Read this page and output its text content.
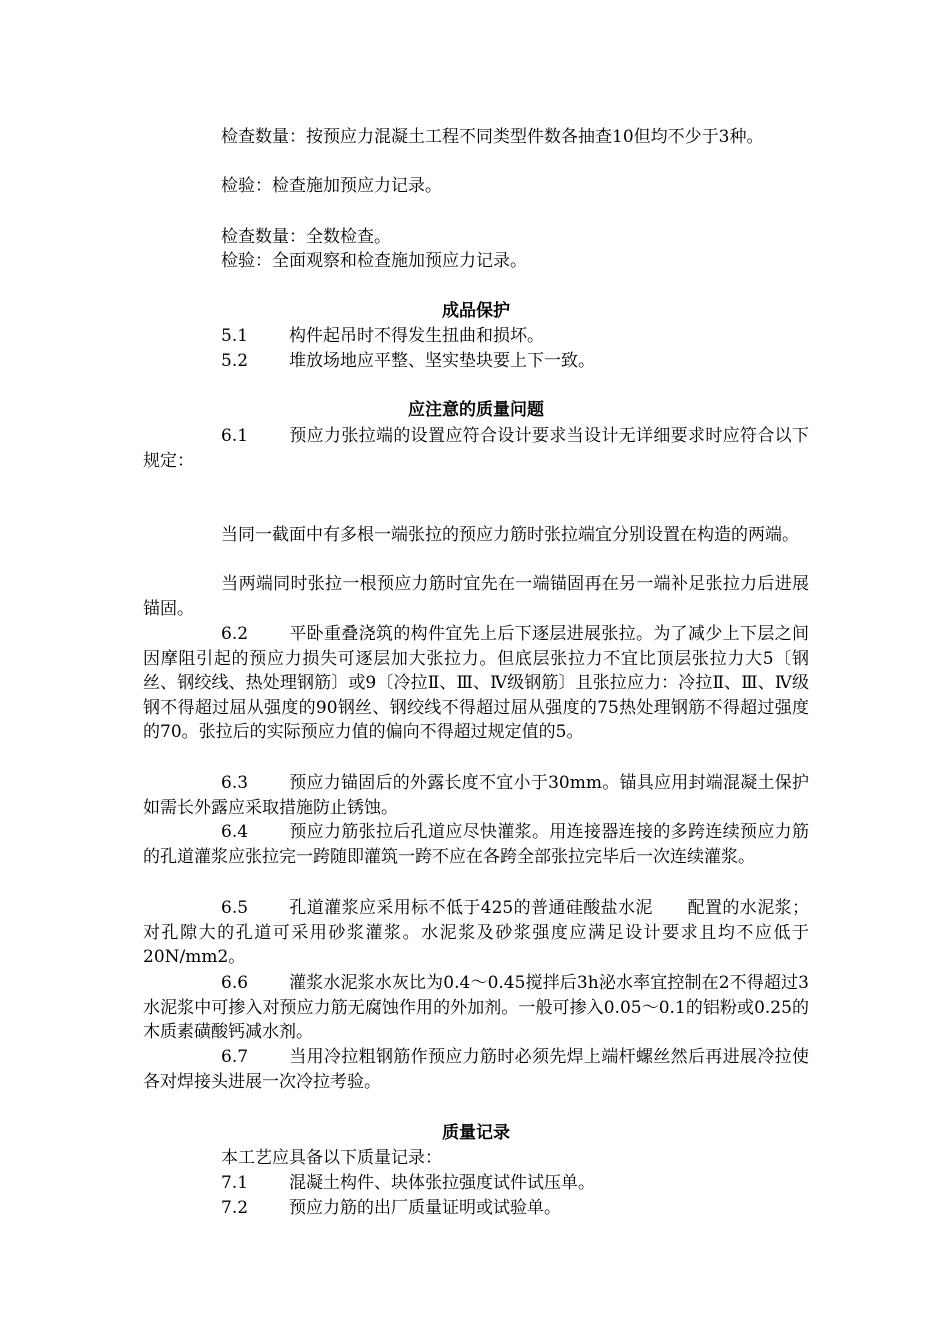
检查数量：按预应力混凝土工程不同类型件数各抽查10但均不少于3种。
检验：检查施加预应力记录。
检查数量：全数检查。
检验：全面观察和检查施加预应力记录。
成品保护
5.1 构件起吊时不得发生扭曲和损坏。
5.2 堆放场地应平整、坚实垫块要上下一致。
应注意的质量问题
6.1 预应力张拉端的设置应符合设计要求当设计无详细要求时应符合以下规定：
当同一截面中有多根一端张拉的预应力筋时张拉端宜分别设置在构造的两端。
当两端同时张拉一根预应力筋时宜先在一端锚固再在另一端补足张拉力后进展锚固。
6.2 平卧重叠浇筑的构件宜先上后下逐层进展张拉。为了减少上下层之间因摩阻引起的预应力损失可逐层加大张拉力。但底层张拉力不宜比顶层张拉力大5〔钢丝、钢绞线、热处理钢筋〕或9〔冷拉Ⅱ、Ⅲ、Ⅳ级钢筋〕且张拉应力：冷拉Ⅱ、Ⅲ、Ⅳ级钢不得超过屈从强度的90钢丝、钢绞线不得超过屈从强度的75热处理钢筋不得超过强度的70。张拉后的实际预应力值的偏向不得超过规定值的5。
6.3 预应力锚固后的外露长度不宜小于30mm。锚具应用封端混凝土保护如需长外露应采取措施防止锈蚀。
6.4 预应力筋张拉后孔道应尽快灌浆。用连接器连接的多跨连续预应力筋的孔道灌浆应张拉完一跨随即灌筑一跨不应在各跨全部张拉完毕后一次连续灌浆。
6.5 孔道灌浆应采用标不低于425的普通硅酸盐水泥　　配置的水泥浆；对孔隙大的孔道可采用砂浆灌浆。水泥浆及砂浆强度应满足设计要求且均不应低于20N/mm2。
6.6 灌浆水泥浆水灰比为0.4～0.45搅拌后3h泌水率宜控制在2不得超过3水泥浆中可掺入对预应力筋无腐蚀作用的外加剂。一般可掺入0.05～0.1的铝粉或0.25的木质素磺酸钙减水剂。
6.7 当用冷拉粗钢筋作预应力筋时必须先焊上端杆螺丝然后再进展冷拉使各对焊接头进展一次冷拉考验。
质量记录
本工艺应具备以下质量记录：
7.1 混凝土构件、块体张拉强度试件试压单。
7.2 预应力筋的出厂质量证明或试验单。
